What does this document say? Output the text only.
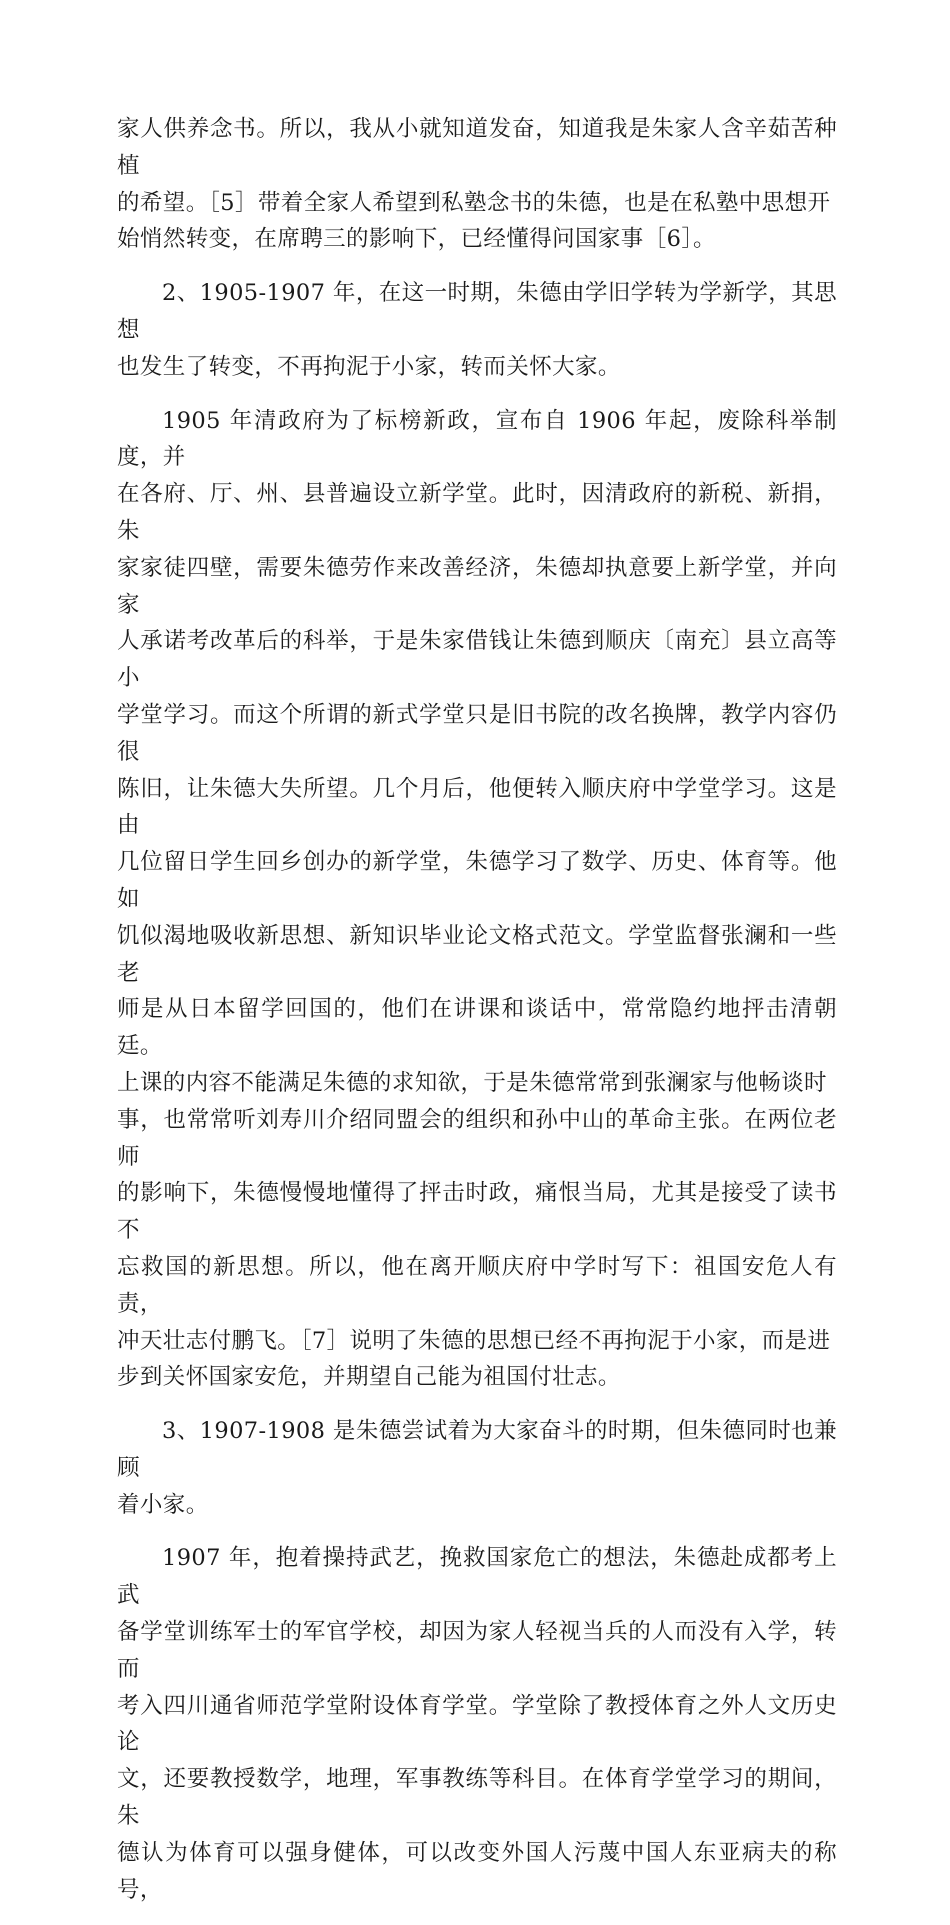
家人供养念书。所以，我从小就知道发奋，知道我是朱家人含辛茹苦种植
的希望。［5］带着全家人希望到私塾念书的朱德，也是在私塾中思想开
始悄然转变，在席聘三的影响下，已经懂得问国家事［6］。

2、1905-1907 年，在这一时期，朱德由学旧学转为学新学，其思想
也发生了转变，不再拘泥于小家，转而关怀大家。

1905 年清政府为了标榜新政，宣布自 1906 年起，废除科举制度，并
在各府、厅、州、县普遍设立新学堂。此时，因清政府的新税、新捐，朱
家家徒四壁，需要朱德劳作来改善经济，朱德却执意要上新学堂，并向家
人承诺考改革后的科举，于是朱家借钱让朱德到顺庆〔南充〕县立高等小
学堂学习。而这个所谓的新式学堂只是旧书院的改名换牌，教学内容仍很
陈旧，让朱德大失所望。几个月后，他便转入顺庆府中学堂学习。这是由
几位留日学生回乡创办的新学堂，朱德学习了数学、历史、体育等。他如
饥似渴地吸收新思想、新知识毕业论文格式范文。学堂监督张澜和一些老
师是从日本留学回国的，他们在讲课和谈话中，常常隐约地抨击清朝廷。
上课的内容不能满足朱德的求知欲，于是朱德常常到张澜家与他畅谈时
事，也常常听刘寿川介绍同盟会的组织和孙中山的革命主张。在两位老师
的影响下，朱德慢慢地懂得了抨击时政，痛恨当局，尤其是接受了读书不
忘救国的新思想。所以，他在离开顺庆府中学时写下：祖国安危人有责，
冲天壮志付鹏飞。［7］说明了朱德的思想已经不再拘泥于小家，而是进
步到关怀国家安危，并期望自己能为祖国付壮志。

3、1907-1908 是朱德尝试着为大家奋斗的时期，但朱德同时也兼顾
着小家。

1907 年，抱着操持武艺，挽救国家危亡的想法，朱德赴成都考上武
备学堂训练军士的军官学校，却因为家人轻视当兵的人而没有入学，转而
考入四川通省师范学堂附设体育学堂。学堂除了教授体育之外人文历史论
文，还要教授数学，地理，军事教练等科目。在体育学堂学习的期间，朱
德认为体育可以强身健体，可以改变外国人污蔑中国人东亚病夫的称号，
